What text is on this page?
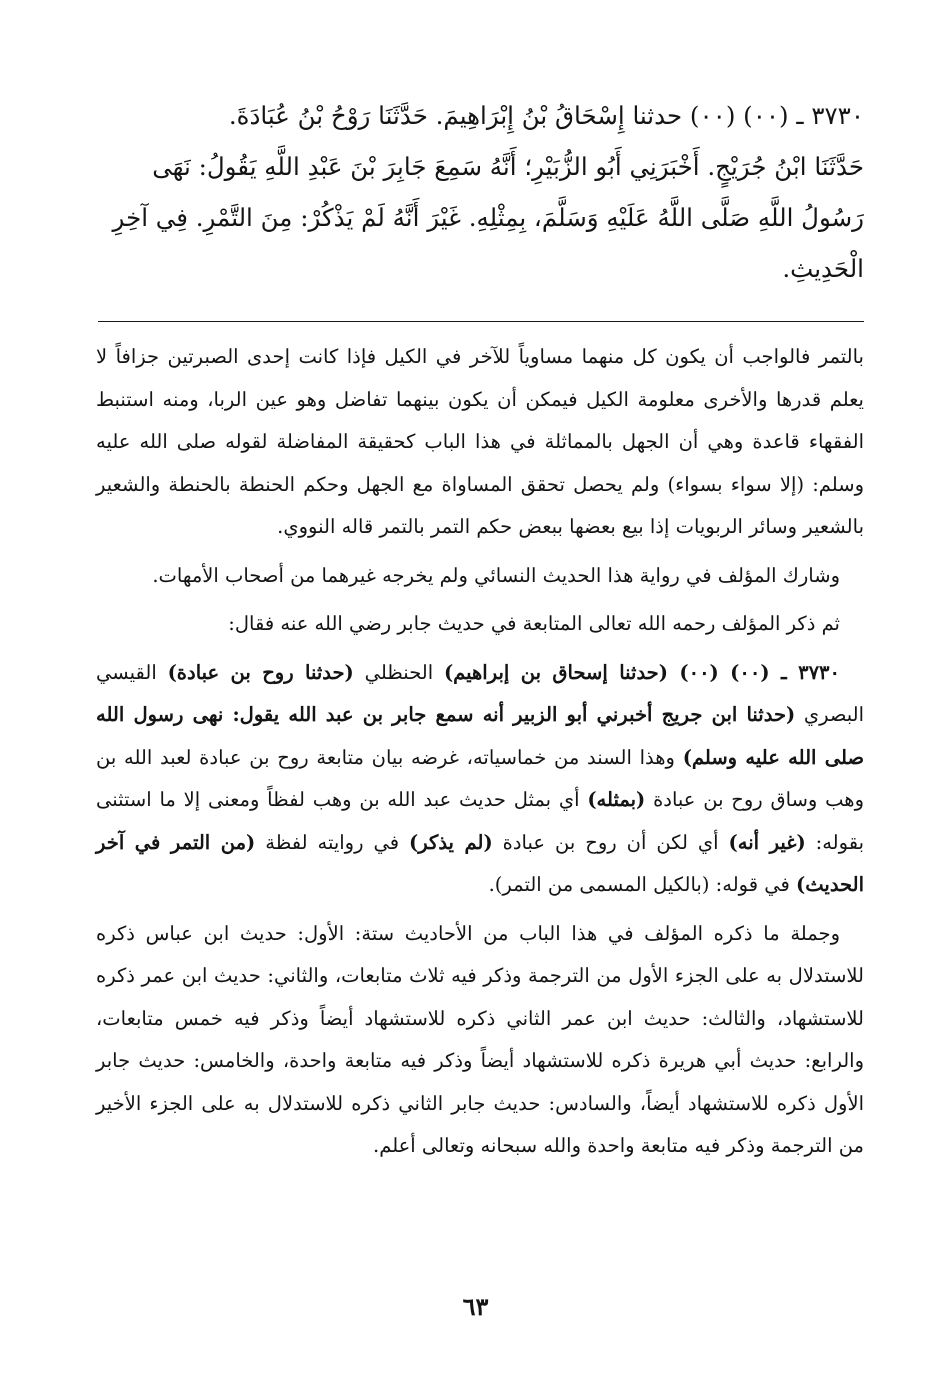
٣٧٣٠ ـ (٠٠) (٠٠) حدثنا إِسْحَاقُ بْنُ إِبْرَاهِيمَ. حَدَّثَنَا رَوْحُ بْنُ عُبَادَةَ.
حَدَّثَنَا ابْنُ جُرَيْجٍ. أَخْبَرَنِي أَبُو الزُّبَيْرِ؛ أَنَّهُ سَمِعَ جَابِرَ بْنَ عَبْدِ اللَّهِ يَقُولُ: نَهَى
رَسُولُ اللَّهِ صَلَّى اللَّهُ عَلَيْهِ وَسَلَّمَ، بِمِثْلِهِ. غَيْرَ أَنَّهُ لَمْ يَذْكُرْ: مِنَ التَّمْرِ. فِي آخِرِ
الْحَدِيثِ.

بالتمر فالواجب أن يكون كل منهما مساوياً للآخر في الكيل فإذا كانت إحدى الصبرتين جزافاً لا يعلم قدرها والأخرى معلومة الكيل فيمكن أن يكون بينهما تفاضل وهو عين الربا، ومنه استنبط الفقهاء قاعدة وهي أن الجهل بالمماثلة في هذا الباب كحقيقة المفاضلة لقوله صلى الله عليه وسلم: (إلا سواء بسواء) ولم يحصل تحقق المساواة مع الجهل وحكم الحنطة بالحنطة والشعير بالشعير وسائر الربويات إذا بيع بعضها ببعض حكم التمر بالتمر قاله النووي.

وشارك المؤلف في رواية هذا الحديث النسائي ولم يخرجه غيرهما من أصحاب الأمهات.

ثم ذكر المؤلف رحمه الله تعالى المتابعة في حديث جابر رضي الله عنه فقال:

٣٧٣٠ ـ (٠٠) (٠٠) (حدثنا إسحاق بن إبراهيم) الحنظلي (حدثنا روح بن عبادة) القيسي البصري (حدثنا ابن جريج أخبرني أبو الزبير أنه سمع جابر بن عبد الله يقول: نهى رسول الله صلى الله عليه وسلم) وهذا السند من خماسياته، غرضه بيان متابعة روح بن عبادة لعبد الله بن وهب وساق روح بن عبادة (بمثله) أي بمثل حديث عبد الله بن وهب لفظاً ومعنى إلا ما استثنى بقوله: (غير أنه) أي لكن أن روح بن عبادة (لم يذكر) في روايته لفظة (من التمر في آخر الحديث) في قوله: (بالكيل المسمى من التمر).

وجملة ما ذكره المؤلف في هذا الباب من الأحاديث ستة: الأول: حديث ابن عباس ذكره للاستدلال به على الجزء الأول من الترجمة وذكر فيه ثلاث متابعات، والثاني: حديث ابن عمر ذكره للاستشهاد، والثالث: حديث ابن عمر الثاني ذكره للاستشهاد أيضاً وذكر فيه خمس متابعات، والرابع: حديث أبي هريرة ذكره للاستشهاد أيضاً وذكر فيه متابعة واحدة، والخامس: حديث جابر الأول ذكره للاستشهاد أيضاً، والسادس: حديث جابر الثاني ذكره للاستدلال به على الجزء الأخير من الترجمة وذكر فيه متابعة واحدة والله سبحانه وتعالى أعلم.

٦٣
